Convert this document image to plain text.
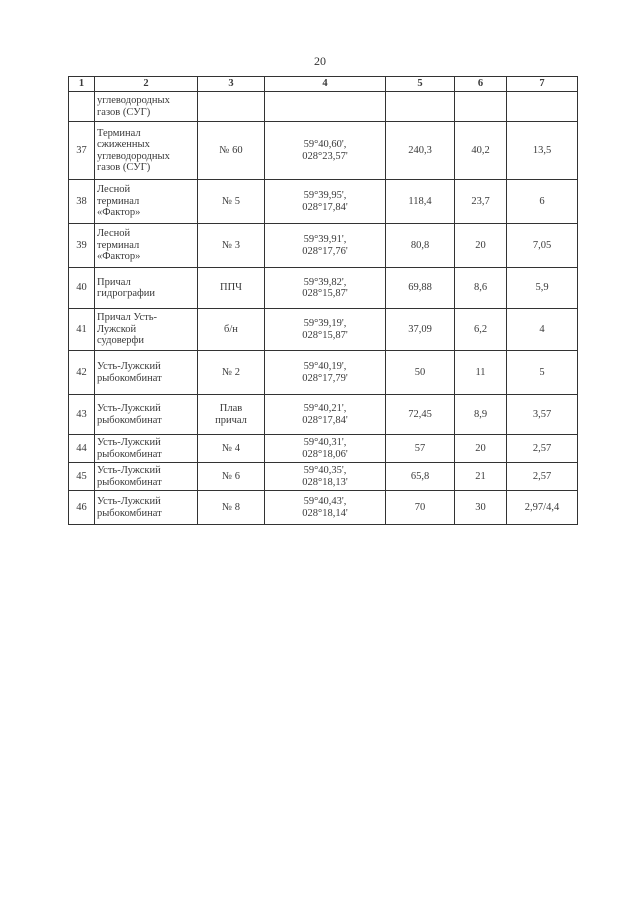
20
1	2	3	4	5	6	7

	углеводородных
газов (СУГ)					

37	Терминал
сжиженных
углеводородных
газов (СУГ)	№ 60	59°40,60',
028°23,57'	240,3	40,2	13,5
38	Лесной
терминал
«Фактор»	№ 5	59°39,95',
028°17,84'	118,4	23,7	6
39	Лесной
терминал
«Фактор»	№ 3	59°39,91',
028°17,76'	80,8	20	7,05
40	Причал
гидрографии	ППЧ	59°39,82',
028°15,87'	69,88	8,6	5,9
41	Причал Усть-
Лужской
судоверфи	б/н	59°39,19',
028°15,87'	37,09	6,2	4
42	Усть-Лужский
рыбокомбинат	№ 2	59°40,19',
028°17,79'	50	11	5
43	Усть-Лужский
рыбокомбинат	Плав
причал	59°40,21',
028°17,84'	72,45	8,9	3,57
44	Усть-Лужский
рыбокомбинат	№ 4	59°40,31',
028°18,06'	57	20	2,57
45	Усть-Лужский
рыбокомбинат	№ 6	59°40,35',
028°18,13'	65,8	21	2,57
46	Усть-Лужский
рыбокомбинат	№ 8	59°40,43',
028°18,14'	70	30	2,97/4,4
